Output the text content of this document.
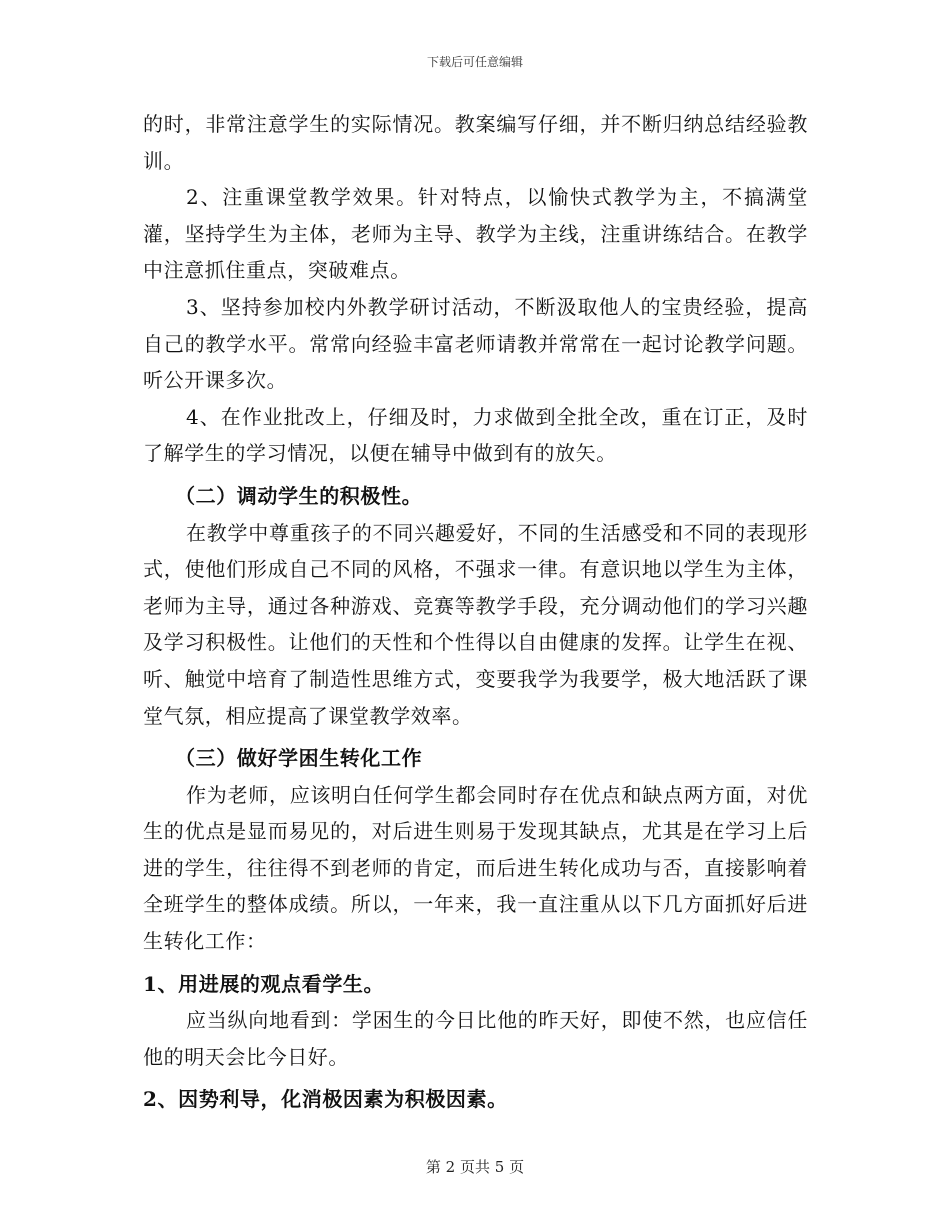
下载后可任意编辑

的时，非常注意学生的实际情况。教案编写仔细，并不断归纳总结经验教训。

2、注重课堂教学效果。针对特点，以愉快式教学为主，不搞满堂灌，坚持学生为主体，老师为主导、教学为主线，注重讲练结合。在教学中注意抓住重点，突破难点。

3、坚持参加校内外教学研讨活动，不断汲取他人的宝贵经验，提高自己的教学水平。常常向经验丰富老师请教并常常在一起讨论教学问题。听公开课多次。

4、在作业批改上，仔细及时，力求做到全批全改，重在订正，及时了解学生的学习情况，以便在辅导中做到有的放矢。

（二）调动学生的积极性。

在教学中尊重孩子的不同兴趣爱好，不同的生活感受和不同的表现形式，使他们形成自己不同的风格，不强求一律。有意识地以学生为主体，老师为主导，通过各种游戏、竞赛等教学手段，充分调动他们的学习兴趣及学习积极性。让他们的天性和个性得以自由健康的发挥。让学生在视、听、触觉中培育了制造性思维方式，变要我学为我要学，极大地活跃了课堂气氛，相应提高了课堂教学效率。

（三）做好学困生转化工作

作为老师，应该明白任何学生都会同时存在优点和缺点两方面，对优生的优点是显而易见的，对后进生则易于发现其缺点，尤其是在学习上后进的学生，往往得不到老师的肯定，而后进生转化成功与否，直接影响着全班学生的整体成绩。所以，一年来，我一直注重从以下几方面抓好后进生转化工作：

1、用进展的观点看学生。

应当纵向地看到：学困生的今日比他的昨天好，即使不然，也应信任他的明天会比今日好。

2、因势利导，化消极因素为积极因素。

第 2 页共 5 页
